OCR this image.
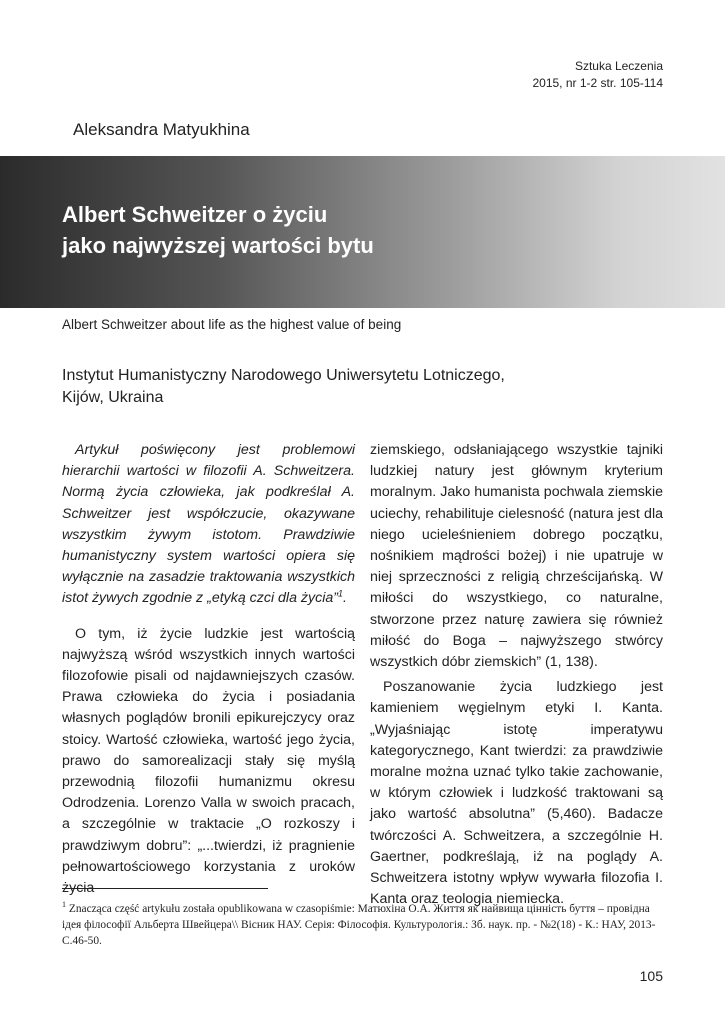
Sztuka Leczenia
2015, nr 1-2 str. 105-114
Aleksandra Matyukhina
Albert Schweitzer o życiu
jako najwyższej wartości bytu
Albert Schweitzer about life as the highest value of being
Instytut Humanistyczny Narodowego Uniwersytetu Lotniczego,
Kijów, Ukraina

Artykuł poświęcony jest problemowi hierarchii wartości w filozofii A. Schweitzera. Normą życia człowieka, jak podkreślał A. Schweitzer jest współczucie, okazywane wszystkim żywym istotom. Prawdziwie humanistyczny system wartości opiera się wyłącznie na zasadzie traktowania wszystkich istot żywych zgodnie z „etyką czci dla życia”$^1$.

O tym, iż życie ludzkie jest wartością najwyższą wśród wszystkich innych wartości filozofowie pisali od najdawniejszych czasów. Prawa człowieka do życia i posiadania własnych poglądów bronili epikurejczycy oraz stoicy. Wartość człowieka, wartość jego życia, prawo do samorealizacji stały się myślą przewodnią filozofii humanizmu okresu Odrodzenia. Lorenzo Valla w swoich pracach, a szczególnie w traktacie „O rozkoszy i prawdziwym dobru”: „...twierdzi, iż pragnienie pełnowartościowego korzystania z uroków życia

ziemskiego, odsłaniającego wszystkie tajniki ludzkiej natury jest głównym kryterium moralnym. Jako humanista pochwala ziemskie uciechy, rehabilituje cielesność (natura jest dla niego ucieleśnieniem dobrego początku, nośnikiem mądrości bożej) i nie upatruje w niej sprzeczności z religią chrześcijańską. W miłości do wszystkiego, co naturalne, stworzone przez naturę zawiera się również miłość do Boga – najwyższego stwórcy wszystkich dóbr ziemskich” (1, 138).

Poszanowanie życia ludzkiego jest kamieniem węgielnym etyki I. Kanta. „Wyjaśniając istotę imperatywu kategorycznego, Kant twierdzi: za prawdziwie moralne można uznać tylko takie zachowanie, w którym człowiek i ludzkość traktowani są jako wartość absolutna” (5,460). Badacze twórczości A. Schweitzera, a szczególnie H. Gaertner, podkreślają, iż na poglądy A. Schweitzera istotny wpływ wywarła filozofia I. Kanta oraz teologia niemiecka.

$^1$ Znacząca część artykułu została opublikowana w czasopiśmie: Матюхіна О.А. Життя як найвища цінність буття – провідна ідея філософії Альберта Швейцера\\ Вісник НАУ. Серія: Філософія. Культурологія.: Зб. наук. пр. - №2(18) - К.: НАУ, 2013- С.46-50.
105
